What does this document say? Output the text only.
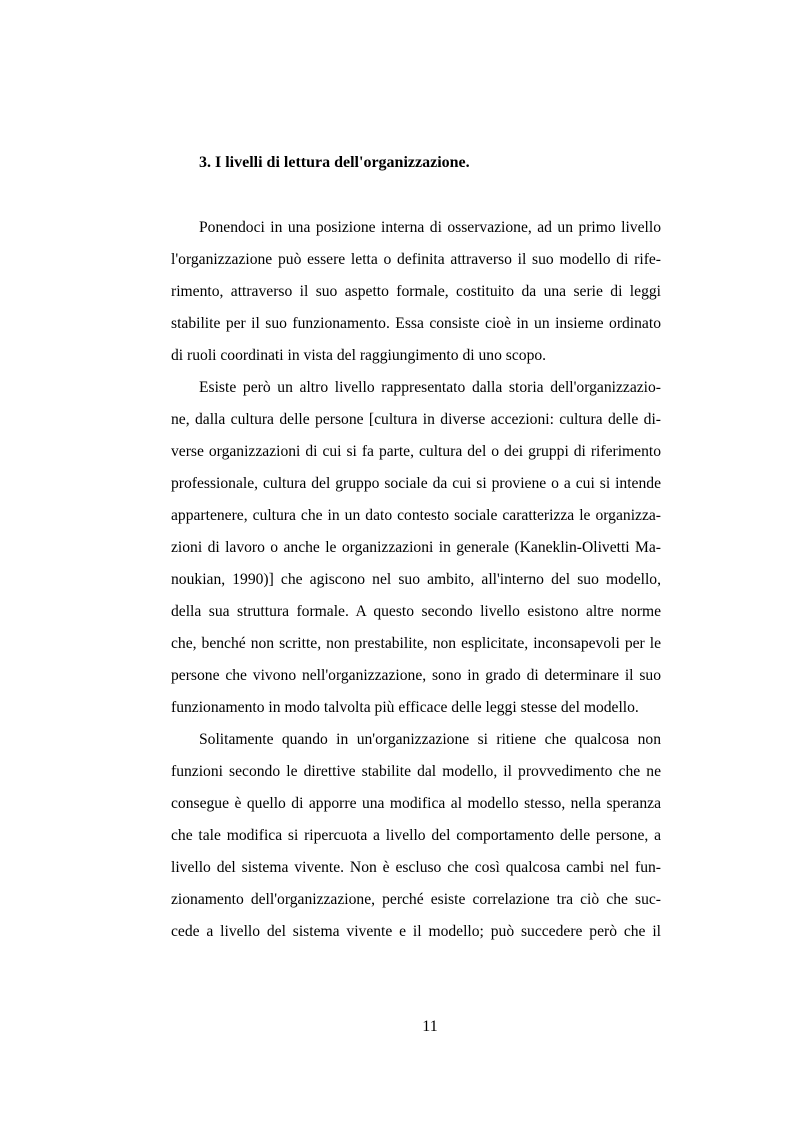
3. I livelli di lettura dell'organizzazione.
Ponendoci in una posizione interna di osservazione, ad un primo livello
l'organizzazione può essere letta o definita attraverso il suo modello di rife-
rimento, attraverso il suo aspetto formale, costituito da una serie di leggi
stabilite per il suo funzionamento. Essa consiste cioè in un insieme ordinato
di ruoli coordinati in vista del raggiungimento di uno scopo.
Esiste però un altro livello rappresentato dalla storia dell'organizzazio-
ne, dalla cultura delle persone [cultura in diverse accezioni: cultura delle di-
verse organizzazioni di cui si fa parte, cultura del o dei gruppi di riferimento
professionale, cultura del gruppo sociale da cui si proviene o a cui si intende
appartenere, cultura che in un dato contesto sociale caratterizza le organizza-
zioni di lavoro o anche le organizzazioni in generale (Kaneklin-Olivetti Ma-
noukian, 1990)] che agiscono nel suo ambito, all'interno del suo modello,
della sua struttura formale. A questo secondo livello esistono altre norme
che, benché non scritte, non prestabilite, non esplicitate, inconsapevoli per le
persone che vivono nell'organizzazione, sono in grado di determinare il suo
funzionamento in modo talvolta più efficace delle leggi stesse del modello.
Solitamente quando in un'organizzazione si ritiene che qualcosa non
funzioni secondo le direttive stabilite dal modello, il provvedimento che ne
consegue è quello di apporre una modifica al modello stesso, nella speranza
che tale modifica si ripercuota a livello del comportamento delle persone, a
livello del sistema vivente. Non è escluso che così qualcosa cambi nel fun-
zionamento dell'organizzazione, perché esiste correlazione tra ciò che suc-
cede a livello del sistema vivente e il modello; può succedere però che il
11
